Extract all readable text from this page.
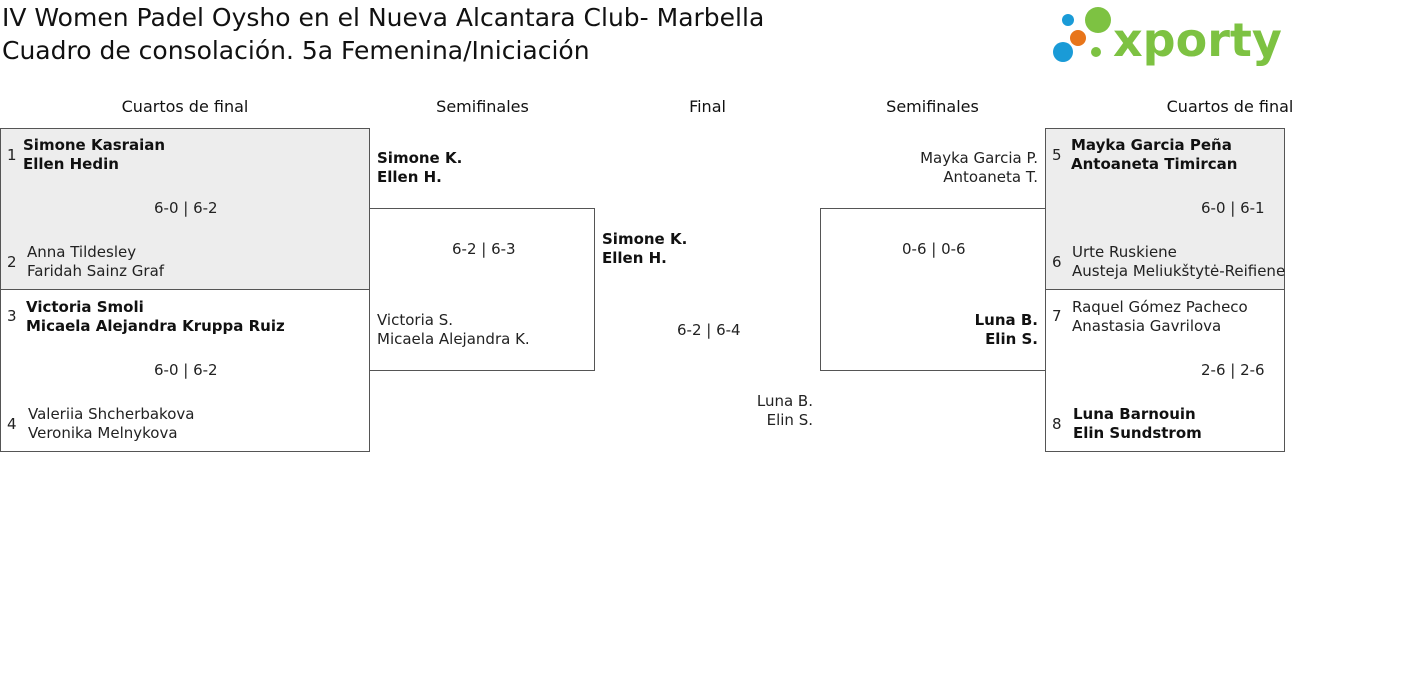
IV Women Padel Oysho en el Nueva Alcantara Club- Marbella
Cuadro de consolación. 5a Femenina/Iniciación	xporty
Cuartos de final	Semifinales	Final	Semifinales	Cuartos de final
1
Simone Kasraian
Ellen Hedin
6-0 | 6-2
2
Anna Tildesley
Faridah Sainz Graf
3 Victoria Smoli
Micaela Alejandra Kruppa Ruiz
6-0 | 6-2
4
Valeriia Shcherbakova
Veronika Melnykova
Simone K.
Ellen H.
6-2 | 6-3
Victoria S.
Micaela Alejandra K.
Simone K.
Ellen H.
6-2 | 6-4
Luna B.
Elin S.
Mayka Garcia P.
Antoaneta T.
0-6 | 0-6
Luna B.
Elin S.
5
Mayka Garcia Peña
Antoaneta Timircan
6-0 | 6-1
6
Urte Ruskiene
Austeja Meliukštytė-Reifiene
7 Raquel Gómez Pacheco
Anastasia Gavrilova
2-6 | 2-6
8
Luna Barnouin
Elin Sundstrom
